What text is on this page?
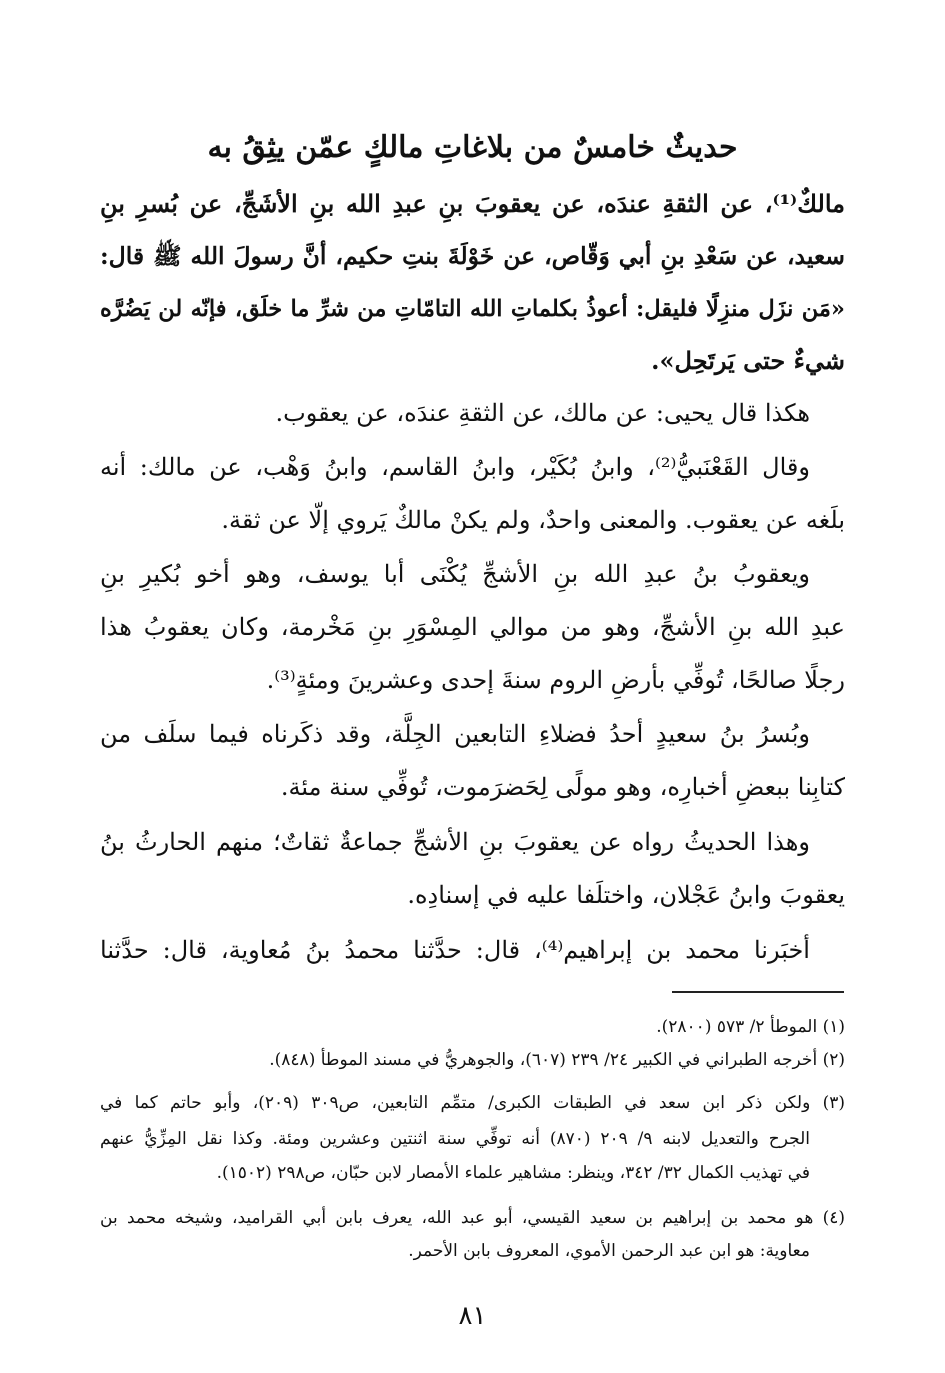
حديثٌ خامسٌ من بلاغاتِ مالكٍ عمّن يثِقُ به
مالكٌ⁽¹⁾، عن الثقةِ عندَه، عن يعقوبَ بنِ عبدِ الله بنِ الأشَجِّ، عن بُسرِ بنِ
سعيد، عن سَعْدِ بنِ أبي وَقّاص، عن خَوْلَةَ بنتِ حكيم، أنَّ رسولَ الله ﷺ قال:
«مَن نزَل منزِلًا فليقل: أعوذُ بكلماتِ الله التامّاتِ من شرِّ ما خلَق، فإنّه لن يَضُرَّه
شيءٌ حتى يَرتَحِل».
هكذا قال يحيى: عن مالك، عن الثقةِ عندَه، عن يعقوب.
وقال القَعْنَبيُّ⁽²⁾، وابنُ بُكَيْر، وابنُ القاسم، وابنُ وَهْب، عن مالك: أنه
بلَغه عن يعقوب. والمعنى واحدٌ، ولم يكنْ مالكٌ يَروي إلّا عن ثقة.
ويعقوبُ بنُ عبدِ الله بنِ الأشجِّ يُكْنَى أبا يوسف، وهو أخو بُكيرِ بنِ
عبدِ الله بنِ الأشجِّ، وهو من موالي المِسْوَرِ بنِ مَخْرمة، وكان يعقوبُ هذا
رجلًا صالحًا، تُوفِّي بأرضِ الروم سنةَ إحدى وعشرينَ ومئةٍ⁽³⁾.
وبُسرُ بنُ سعيدٍ أحدُ فضلاءِ التابعين الجِلَّة، وقد ذكَرناه فيما سلَف من
كتابِنا ببعضِ أخبارِه، وهو مولًى لِحَضرَموت، تُوفِّي سنة مئة.
وهذا الحديثُ رواه عن يعقوبَ بنِ الأشجِّ جماعةٌ ثقاتٌ؛ منهم الحارثُ بنُ
يعقوبَ وابنُ عَجْلان، واختلَفا عليه في إسنادِه.
أخبَرنا محمد بن إبراهيم⁽⁴⁾، قال: حدَّثنا محمدُ بنُ مُعاوية، قال: حدَّثنا
(١) الموطأ ٢/ ٥٧٣ (٢٨٠٠).
(٢) أخرجه الطبراني في الكبير ٢٤/ ٢٣٩ (٦٠٧)، والجوهريُّ في مسند الموطأ (٨٤٨).
(٣) ولكن ذكر ابن سعد في الطبقات الكبرى/ متمِّم التابعين، ص٣٠٩ (٢٠٩)، وأبو حاتم كما في
الجرح والتعديل لابنه ٩/ ٢٠٩ (٨٧٠) أنه توفِّي سنة اثنتين وعشرين ومئة. وكذا نقل المِزِّيُّ عنهم
في تهذيب الكمال ٣٢/ ٣٤٢، وينظر: مشاهير علماء الأمصار لابن حبّان، ص٢٩٨ (١٥٠٢).
(٤) هو محمد بن إبراهيم بن سعيد القيسي، أبو عبد الله، يعرف بابن أبي القراميد، وشيخه محمد بن
معاوية: هو ابن عبد الرحمن الأموي، المعروف بابن الأحمر.
٨١
